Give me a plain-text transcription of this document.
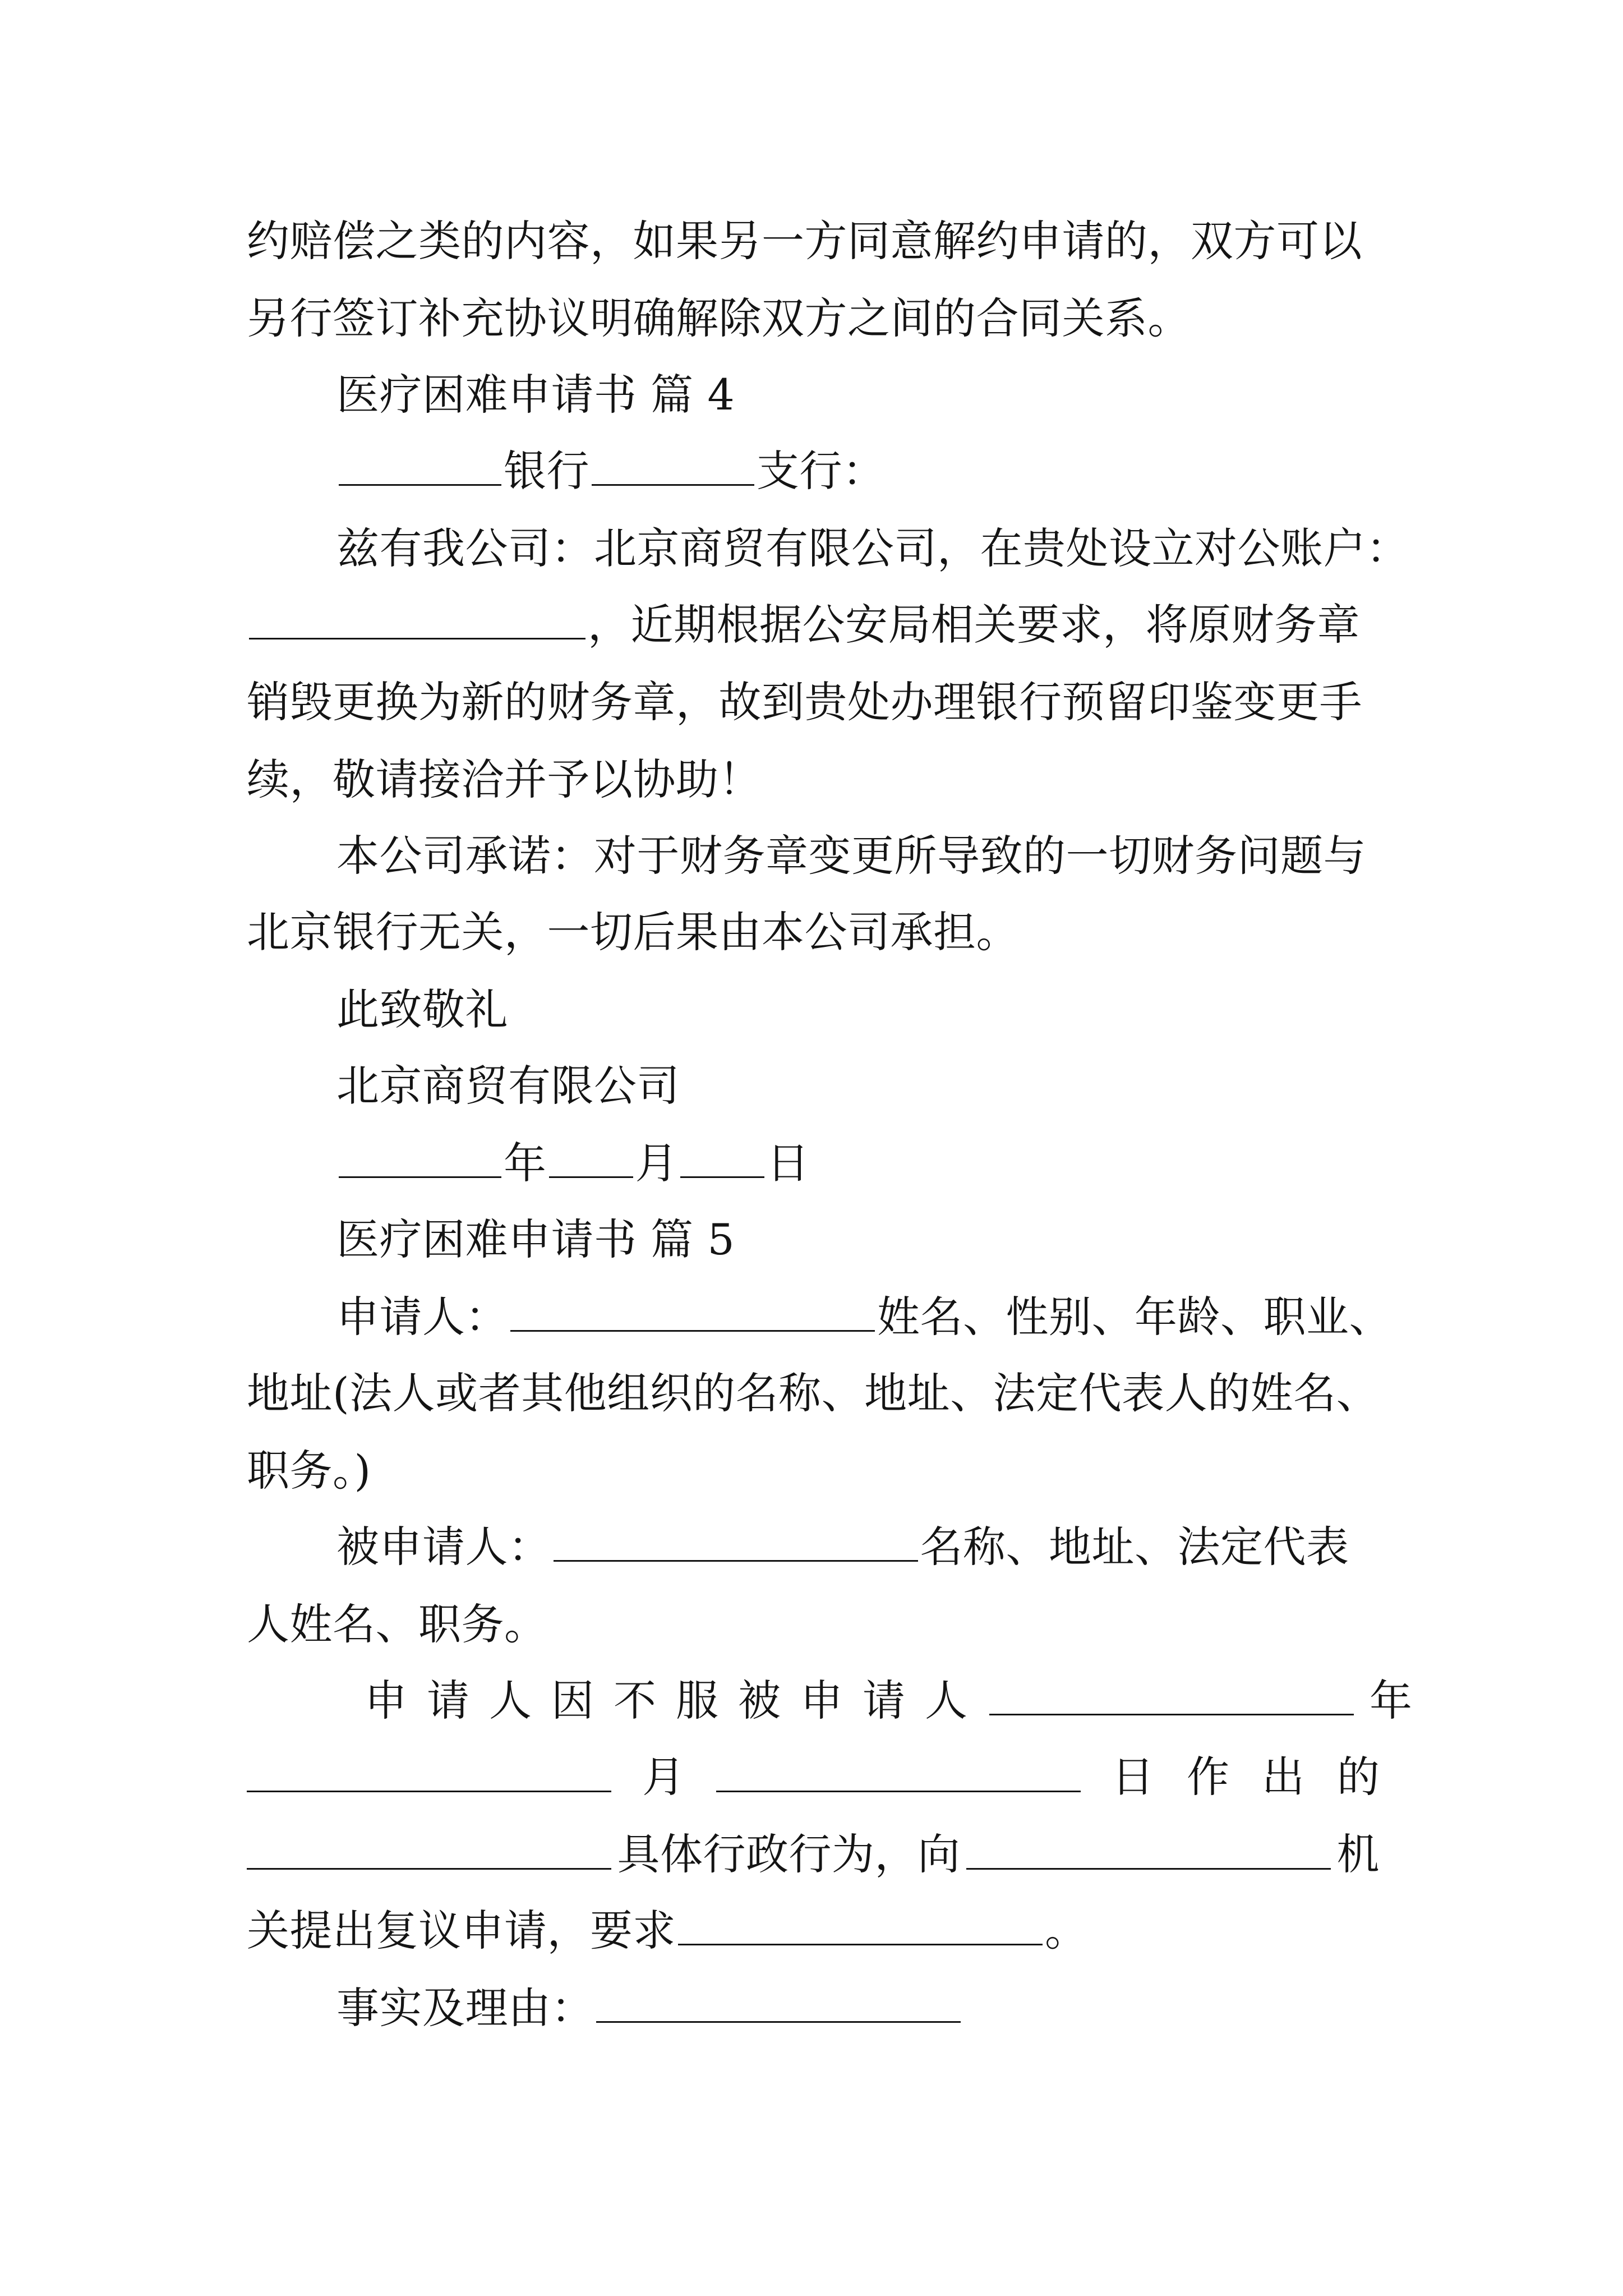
约赔偿之类的内容，如果另一方同意解约申请的，双方可以
另行签订补充协议明确解除双方之间的合同关系。
医疗困难申请书 篇 4
银行	支行：
兹有我公司：北京商贸有限公司，在贵处设立对公账户：
，近期根据公安局相关要求，将原财务章
销毁更换为新的财务章，故到贵处办理银行预留印鉴变更手
续，敬请接洽并予以协助！
本公司承诺：对于财务章变更所导致的一切财务问题与
北京银行无关，一切后果由本公司承担。
此致敬礼
北京商贸有限公司
年 月 日
医疗困难申请书 篇 5
申请人：	姓名、性别、年龄、职业、
地址(法人或者其他组织的名称、地址、法定代表人的姓名、
职务。)
被申请人：	名称、地址、法定代表
人姓名、职务。
申请人因不服被申请人	年
月	日作出的
具体行政行为，向	机
关提出复议申请，要求	。
事实及理由：
